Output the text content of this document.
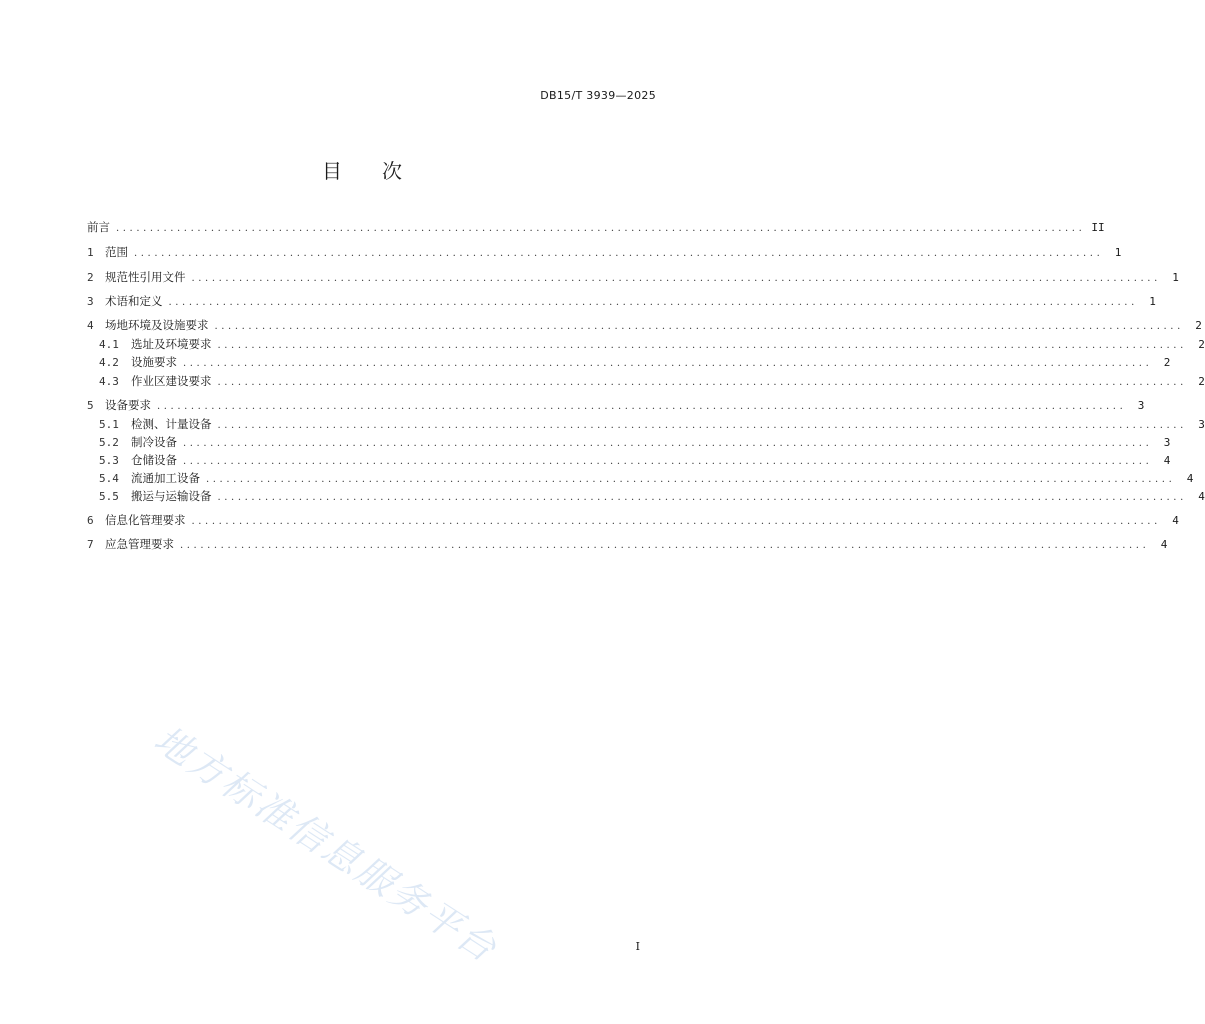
DB15/T 3939—2025
目 次
前言 ............................................................................................................................................... II
1 范围 ...............................................................................................................................................	1
2 规范性引用文件 ...............................................................................................................................................	1
3 术语和定义 ...............................................................................................................................................	1
4 场地环境及设施要求 ...............................................................................................................................................	2
4.1 选址及环境要求 ...............................................................................................................................................	2
4.2 设施要求 ...............................................................................................................................................	2
4.3 作业区建设要求 ...............................................................................................................................................	2
5 设备要求 ...............................................................................................................................................	3
5.1 检测、计量设备 ...............................................................................................................................................	3
5.2 制冷设备 ...............................................................................................................................................	3
5.3 仓储设备 ...............................................................................................................................................	4
5.4 流通加工设备 ...............................................................................................................................................	4
5.5 搬运与运输设备 ...............................................................................................................................................	4
6 信息化管理要求 ...............................................................................................................................................	4
7 应急管理要求 ...............................................................................................................................................	4
地方标准信息服务平台	I
